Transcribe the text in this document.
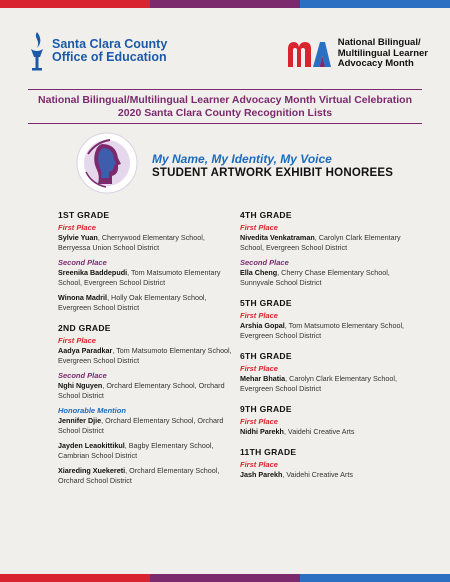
Santa Clara County
Office of Education
National Bilingual/
Multilingual Learner
Advocacy Month
National Bilingual/Multilingual Learner Advocacy Month Virtual Celebration
2020 Santa Clara County Recognition Lists
My Name, My Identity, My Voice
STUDENT ARTWORK EXHIBIT HONOREES
1ST GRADE
First Place
Sylvie Yuan, Cherrywood Elementary School, Berryessa Union School District
Second Place
Sreenika Baddepudi, Tom Matsumoto Elementary School, Evergreen School District
Winona Madril, Holly Oak Elementary School, Evergreen School District
2ND GRADE
First Place
Aadya Paradkar, Tom Matsumoto Elementary School, Evergreen School District
Second Place
Nghi Nguyen, Orchard Elementary School, Orchard School District
Honorable Mention
Jennifer Djie, Orchard Elementary School, Orchard School District
Jayden Leaokittikul, Bagby Elementary School, Cambrian School District
Xiareding Xuekereti, Orchard Elementary School, Orchard School District
4TH GRADE
First Place
Nivedita Venkatraman, Carolyn Clark Elementary School, Evergreen School District
Second Place
Ella Cheng, Cherry Chase Elementary School, Sunnyvale School District
5TH GRADE
First Place
Arshia Gopal, Tom Matsumoto Elementary School, Evergreen School District
6TH GRADE
First Place
Mehar Bhatia, Carolyn Clark Elementary School, Evergreen School District
9TH GRADE
First Place
Nidhi Parekh, Vaidehi Creative Arts
11TH GRADE
First Place
Jash Parekh, Vaidehi Creative Arts
